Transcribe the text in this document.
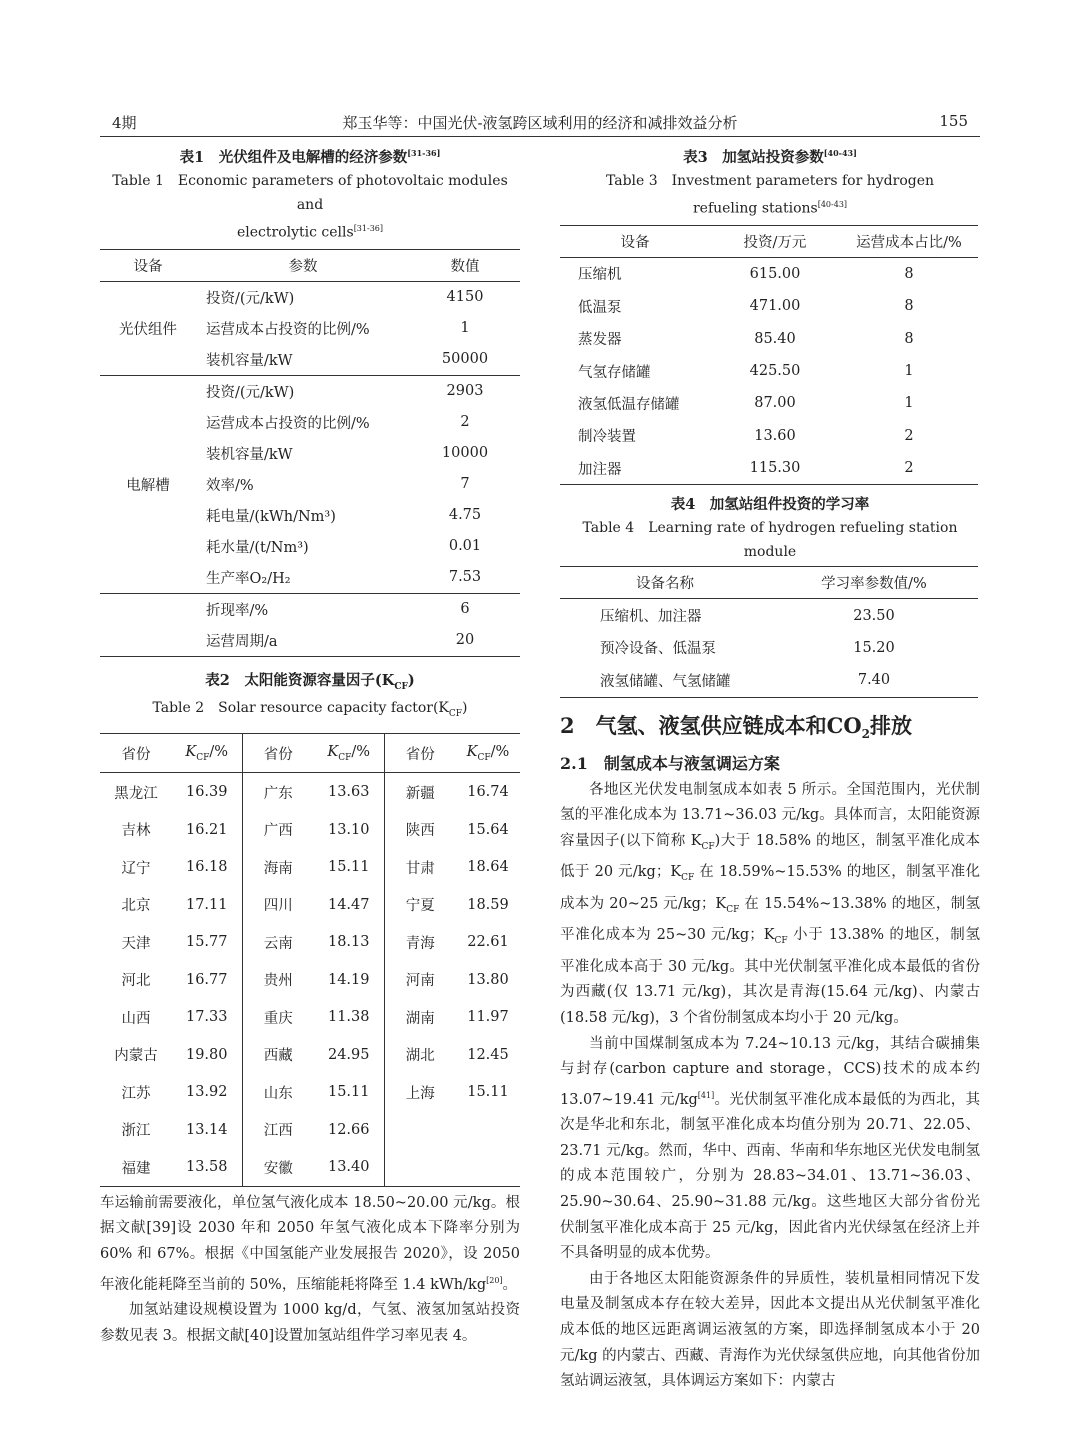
4期	郑玉华等：中国光伏-液氢跨区域利用的经济和减排效益分析	155
表1　光伏组件及电解槽的经济参数[31-36]
Table 1　Economic parameters of photovoltaic modules and
electrolytic cells[31-36]
设备	参数	数值
光伏组件	投资/(元/kW)	4150
	运营成本占投资的比例/%	1
	装机容量/kW	50000
电解槽	投资/(元/kW)	2903
	运营成本占投资的比例/%	2
	装机容量/kW	10000
	效率/%	7
	耗电量/(kWh/Nm³)	4.75
	耗水量/(t/Nm³)	0.01
	生产率O₂/H₂	7.53
	折现率/%	6
	运营周期/a	20
表2　太阳能资源容量因子$(K_{CF})$
Table 2　Solar resource capacity $factor(K_{CF})$
省份	$K_{CF}/\%$	省份	$K_{CF}/\%$	省份	$K_{CF}/\%$
黑龙江	16.39	广东	13.63	新疆	16.74
吉林	16.21	广西	13.10	陕西	15.64
辽宁	16.18	海南	15.11	甘肃	18.64
北京	17.11	四川	14.47	宁夏	18.59
天津	15.77	云南	18.13	青海	22.61
河北	16.77	贵州	14.19	河南	13.80
山西	17.33	重庆	11.38	湖南	11.97
内蒙古	19.80	西藏	24.95	湖北	12.45
江苏	13.92	山东	15.11	上海	15.11
浙江	13.14	江西	12.66		
福建	13.58	安徽	13.40		

车运输前需要液化，单位氢气液化成本 18.50~20.00 元/kg。根据文献[39]设 2030 年和 2050 年氢气液化成本下降率分别为 60% 和 67%。根据《中国氢能产业发展报告 2020》，设 2050 年液化能耗降至当前的 50%，压缩能耗将降至 1.4 kWh/kg[20]。

加氢站建设规模设置为 1000 kg/d，气氢、液氢加氢站投资参数见表 3。根据文献[40]设置加氢站组件学习率见表 4。

表3　加氢站投资参数[40-43]
Table 3　Investment parameters for hydrogen
refueling stations[40-43]
设备	投资/万元	运营成本占比/%
压缩机	615.00	8
低温泵	471.00	8
蒸发器	85.40	8
气氢存储罐	425.50	1
液氢低温存储罐	87.00	1
制冷装置	13.60	2
加注器	115.30	2
表4　加氢站组件投资的学习率
Table 4　Learning rate of hydrogen refueling station module
设备名称	学习率参数值/%
压缩机、加注器	23.50
预冷设备、低温泵	15.20
液氢储罐、气氢储罐	7.40
2　气氢、液氢供应链成本和$CO_2$排放
2.1　制氢成本与液氢调运方案

各地区光伏发电制氢成本如表 5 所示。全国范围内，光伏制氢的平准化成本为 13.71~36.03 元/kg。具体而言，太阳能资源容量因子(以下简称 $K_{CF}$)大于 18.58% 的地区，制氢平准化成本低于 20 元/kg；$K_{CF}$ 在 18.59%~15.53% 的地区，制氢平准化成本为 20~25 元/kg；$K_{CF}$ 在 15.54%~13.38% 的地区，制氢平准化成本为 25~30 元/kg；$K_{CF}$ 小于 13.38% 的地区，制氢平准化成本高于 30 元/kg。其中光伏制氢平准化成本最低的省份为西藏(仅 13.71 元/kg)，其次是青海(15.64 元/kg)、内蒙古(18.58 元/kg)，3 个省份制氢成本均小于 20 元/kg。

当前中国煤制氢成本为 7.24~10.13 元/kg，其结合碳捕集与封存(carbon capture and storage，CCS)技术的成本约 13.07~19.41 元/kg[41]。光伏制氢平准化成本最低的为西北，其次是华北和东北，制氢平准化成本均值分别为 20.71、22.05、23.71 元/kg。然而，华中、西南、华南和华东地区光伏发电制氢的成本范围较广，分别为 28.83~34.01、13.71~36.03、25.90~30.64、25.90~31.88 元/kg。这些地区大部分省份光伏制氢平准化成本高于 25 元/kg，因此省内光伏绿氢在经济上并不具备明显的成本优势。

由于各地区太阳能资源条件的异质性，装机量相同情况下发电量及制氢成本存在较大差异，因此本文提出从光伏制氢平准化成本低的地区远距离调运液氢的方案，即选择制氢成本小于 20 元/kg 的内蒙古、西藏、青海作为光伏绿氢供应地，向其他省份加氢站调运液氢，具体调运方案如下：内蒙古
